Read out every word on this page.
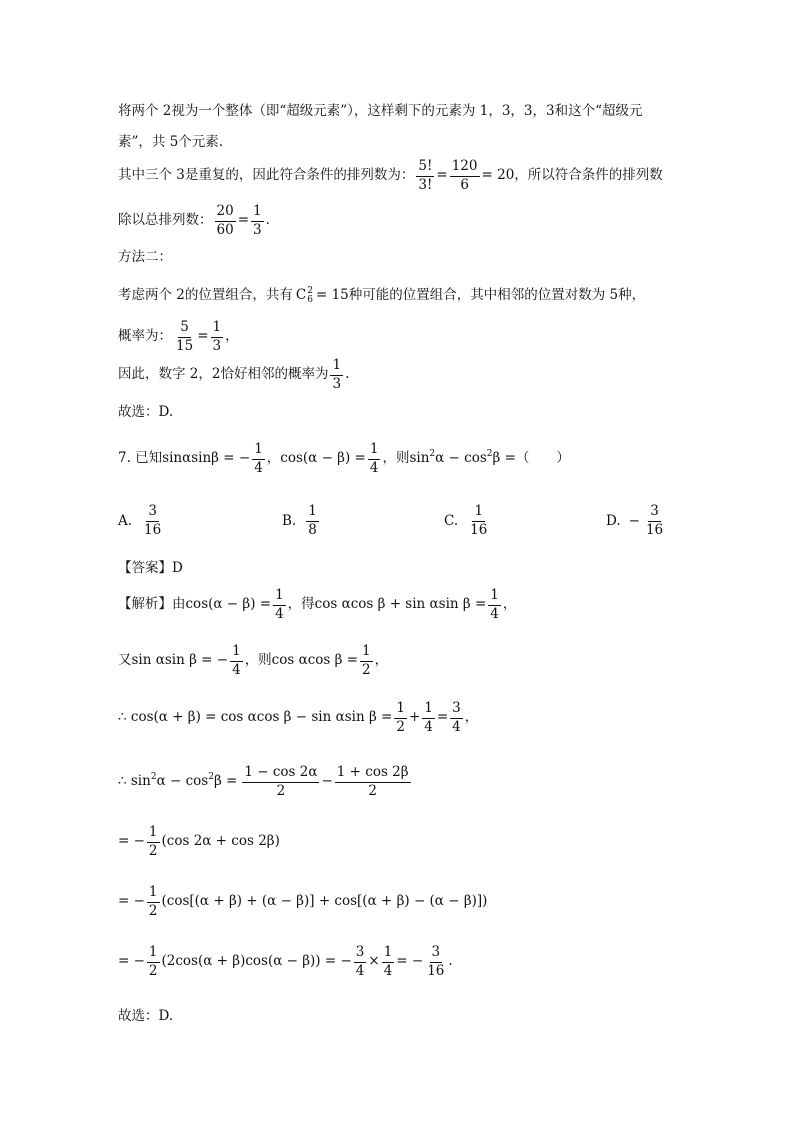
将两个 2视为一个整体（即“超级元素”），这样剩下的元素为 1，3，3，3和这个“超级元
素”，共 5个元素.
其中三个 3是重复的，因此符合条件的排列数为： $\frac{5!}{3!} = \frac{120}{6} = 20$ ，所以符合条件的排列数
除以总排列数： $\frac{20}{60} = \frac{1}{3}$ .
方法二：
考虑两个 2的位置组合，共有 C 2
6 = 15 种可能的位置组合，其中相邻的位置对数为 5种，
概率为： $\frac{5}{15} = \frac{1}{3}$ ，
因此，数字 2，2恰好相邻的概率为 $\frac{1}{3}$ .
故选：D.
7. 已知 sinαsinβ = − $\frac{1}{4}$ ，$\cos(\alpha - \beta) = \frac{1}{4}$ ，则 $\sin^2 \alpha - \cos^2 \beta$ =（　　）
A. $\frac{3}{16}$	B. $\frac{1}{8}$	C. $\frac{1}{16}$	D. − $\frac{3}{16}$
【答案】D
【解析】 由$\cos(\alpha - \beta) = \frac{1}{4}$ ，得cos αcos β + sin αsin $\beta = \frac{1}{4}$ ，
又sin αsin β = − $\frac{1}{4}$ ，则cos αcos $\beta = \frac{1}{2}$ ，
∴ cos(α + β) = cos αcos β − sin αsin $\beta = \frac{1}{2} + \frac{1}{4} = \frac{3}{4}$ ，
∴ $\sin^2 \alpha - \cos^2 \beta = \frac{1 - \cos 2\alpha}{2} - \frac{1 + \cos 2\beta}{2}$
= − $\frac{1}{2} (\cos$ 2α + cos 2β)
= − $\frac{1}{2} (\cos[(\alpha + \beta) + (\alpha - \beta)] + \cos[(\alpha + \beta) - (\alpha - \beta)])$
= − $\frac{1}{2} (2\cos(\alpha + \beta)\cos(\alpha - \beta))$ = − $\frac{3}{4} \times \frac{1}{4}$ = − $\frac{3}{16}$ .
故选：D.
